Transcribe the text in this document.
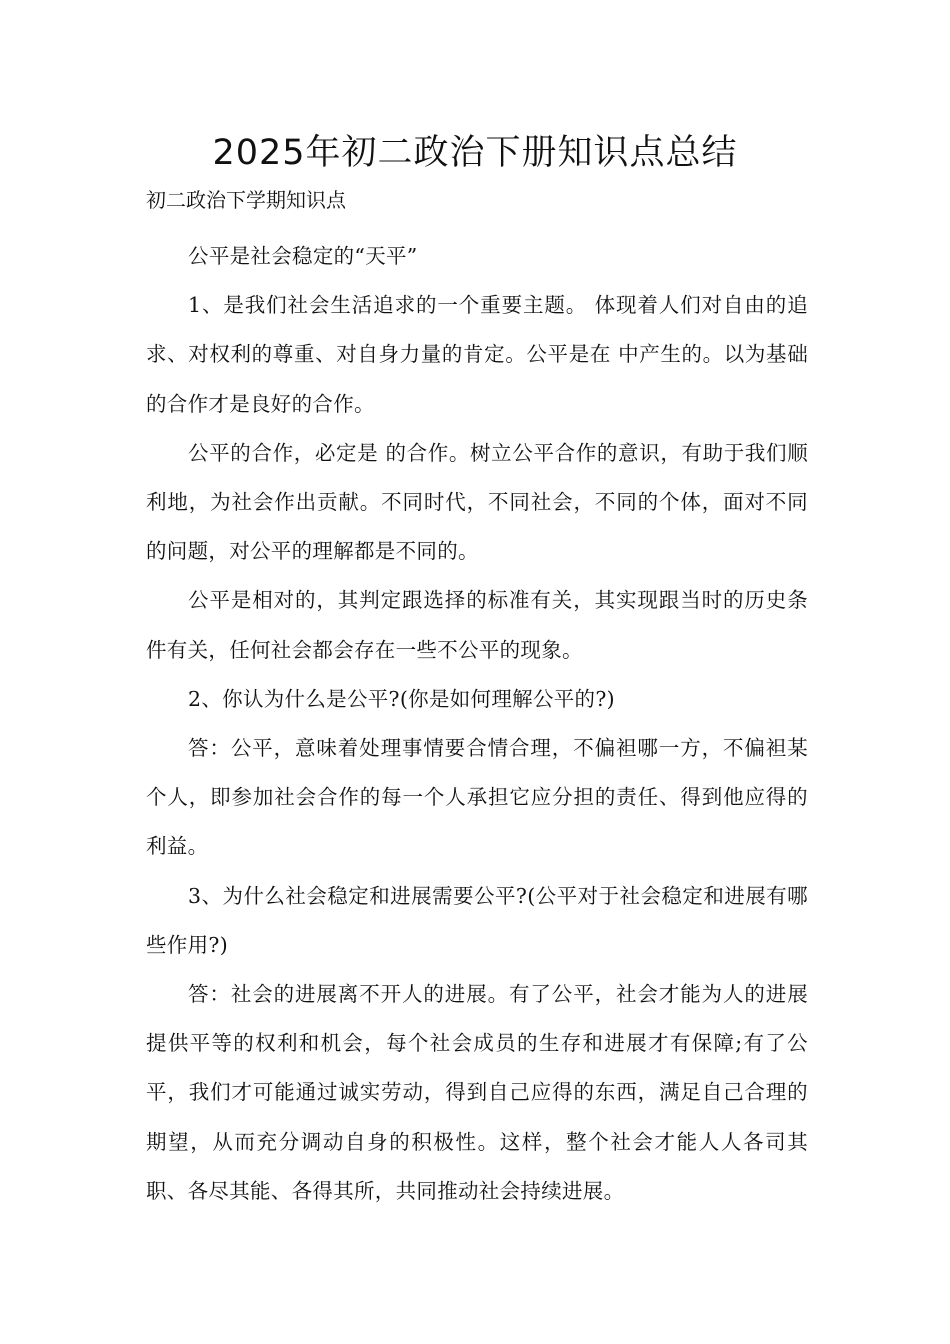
2025年初二政治下册知识点总结

初二政治下学期知识点

公平是社会稳定的“天平”

1、是我们社会生活追求的一个重要主题。 体现着人们对自由的追求、对权利的尊重、对自身力量的肯定。公平是在 中产生的。以为基础的合作才是良好的合作。

公平的合作，必定是 的合作。树立公平合作的意识，有助于我们顺利地，为社会作出贡献。不同时代，不同社会，不同的个体，面对不同的问题，对公平的理解都是不同的。

公平是相对的，其判定跟选择的标准有关，其实现跟当时的历史条件有关，任何社会都会存在一些不公平的现象。

2、你认为什么是公平?(你是如何理解公平的?)

答：公平，意味着处理事情要合情合理，不偏袒哪一方，不偏袒某个人，即参加社会合作的每一个人承担它应分担的责任、得到他应得的利益。

3、为什么社会稳定和进展需要公平?(公平对于社会稳定和进展有哪些作用?)

答：社会的进展离不开人的进展。有了公平，社会才能为人的进展提供平等的权利和机会，每个社会成员的生存和进展才有保障;有了公平，我们才可能通过诚实劳动，得到自己应得的东西，满足自己合理的期望，从而充分调动自身的积极性。这样，整个社会才能人人各司其职、各尽其能、各得其所，共同推动社会持续进展。
